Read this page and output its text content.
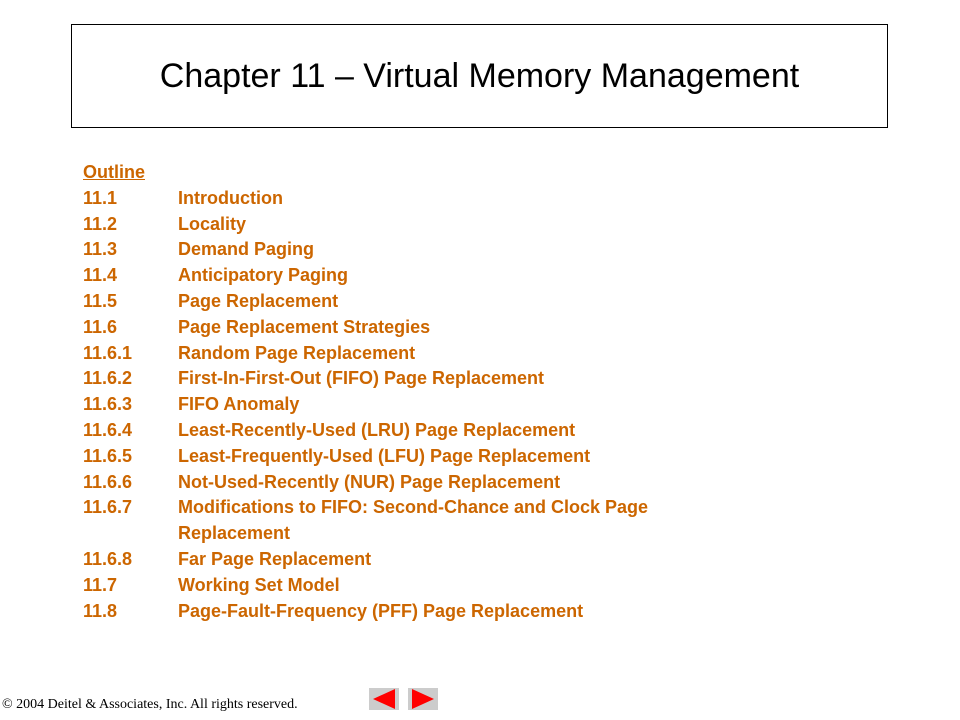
Chapter 11 – Virtual Memory Management
Outline
11.1	Introduction
11.2	Locality
11.3	Demand Paging
11.4	Anticipatory Paging
11.5	Page Replacement
11.6	Page Replacement Strategies
11.6.1	Random Page Replacement
11.6.2	First-In-First-Out (FIFO) Page Replacement
11.6.3	FIFO Anomaly
11.6.4	Least-Recently-Used (LRU) Page Replacement
11.6.5	Least-Frequently-Used (LFU) Page Replacement
11.6.6	Not-Used-Recently (NUR) Page Replacement
11.6.7	Modifications to FIFO: Second-Chance and Clock Page Replacement
11.6.8	Far Page Replacement
11.7	Working Set Model
11.8	Page-Fault-Frequency (PFF) Page Replacement
© 2004 Deitel & Associates, Inc. All rights reserved.
